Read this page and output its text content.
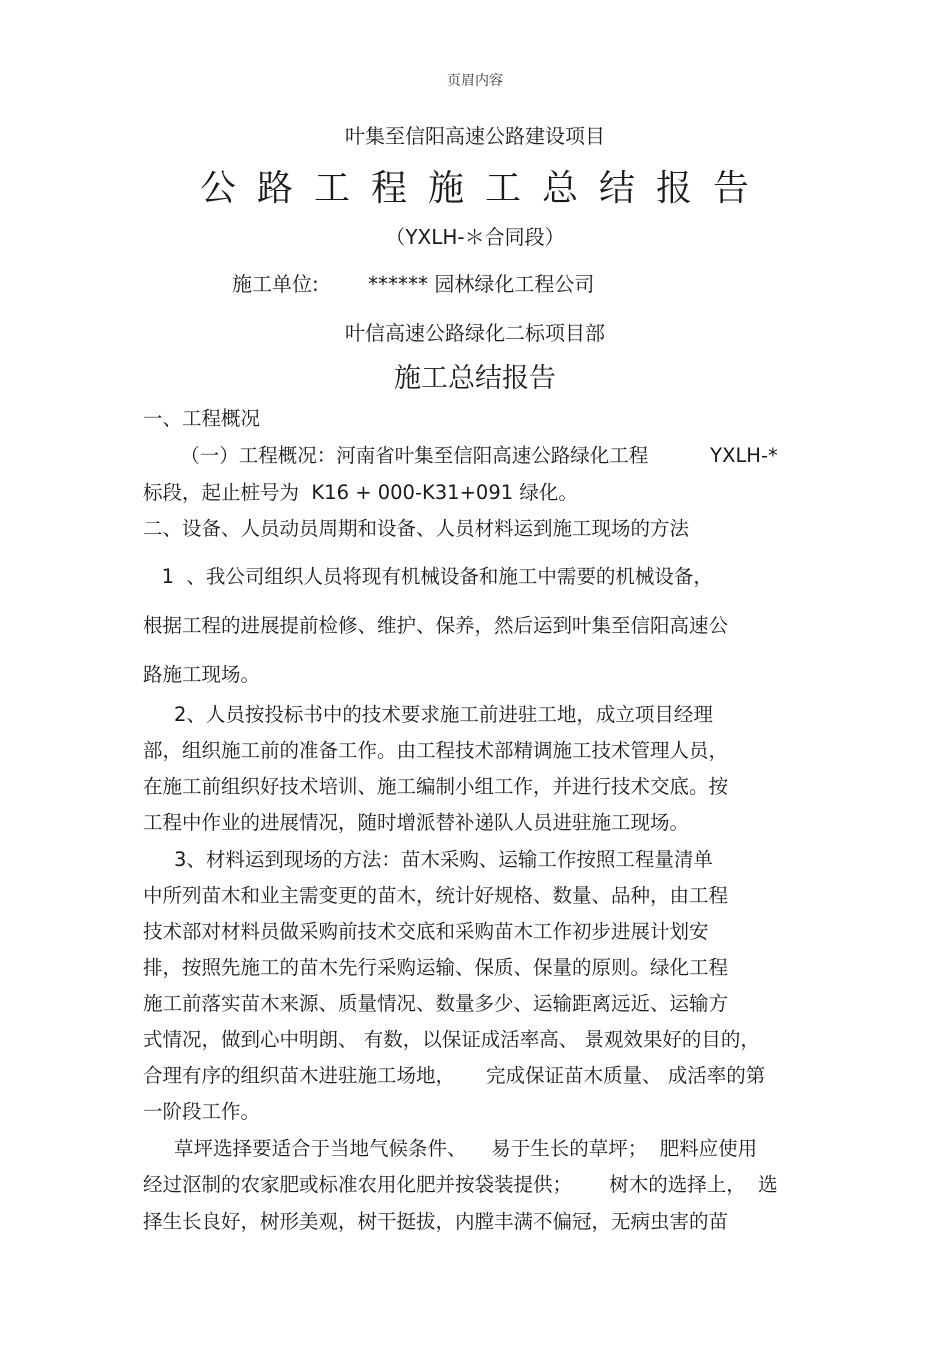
页眉内容
叶集至信阳高速公路建设项目
公路工程施工总结报告
（YXLH-＊合同段）
施工单位: ****** 园林绿化工程公司
叶信高速公路绿化二标项目部
施工总结报告
一、工程概况
（一）工程概况：河南省叶集至信阳高速公路绿化工程          YXLH-*
标段，起止桩号为  K16 + 000-K31+091 绿化。
二、设备、人员动员周期和设备、人员材料运到施工现场的方法
1  、我公司组织人员将现有机械设备和施工中需要的机械设备，
根据工程的进展提前检修、维护、保养，然后运到叶集至信阳高速公
路施工现场。
2、人员按投标书中的技术要求施工前进驻工地，成立项目经理
部，组织施工前的准备工作。由工程技术部精调施工技术管理人员，
在施工前组织好技术培训、施工编制小组工作，并进行技术交底。按
工程中作业的进展情况，随时增派替补递队人员进驻施工现场。
3、材料运到现场的方法：苗木采购、运输工作按照工程量清单
中所列苗木和业主需变更的苗木，统计好规格、数量、品种，由工程
技术部对材料员做采购前技术交底和采购苗木工作初步进展计划安
排，按照先施工的苗木先行采购运输、保质、保量的原则。绿化工程
施工前落实苗木来源、质量情况、数量多少、运输距离远近、运输方
式情况，做到心中明朗、 有数，以保证成活率高、 景观效果好的目的，
合理有序的组织苗木进驻施工场地，     完成保证苗木质量、 成活率的第
一阶段工作。
草坪选择要适合于当地气候条件、    易于生长的草坪；  肥料应使用
经过沤制的农家肥或标准农用化肥并按袋装提供；      树木的选择上，  选
择生长良好，树形美观，树干挺拔，内膛丰满不偏冠，无病虫害的苗
